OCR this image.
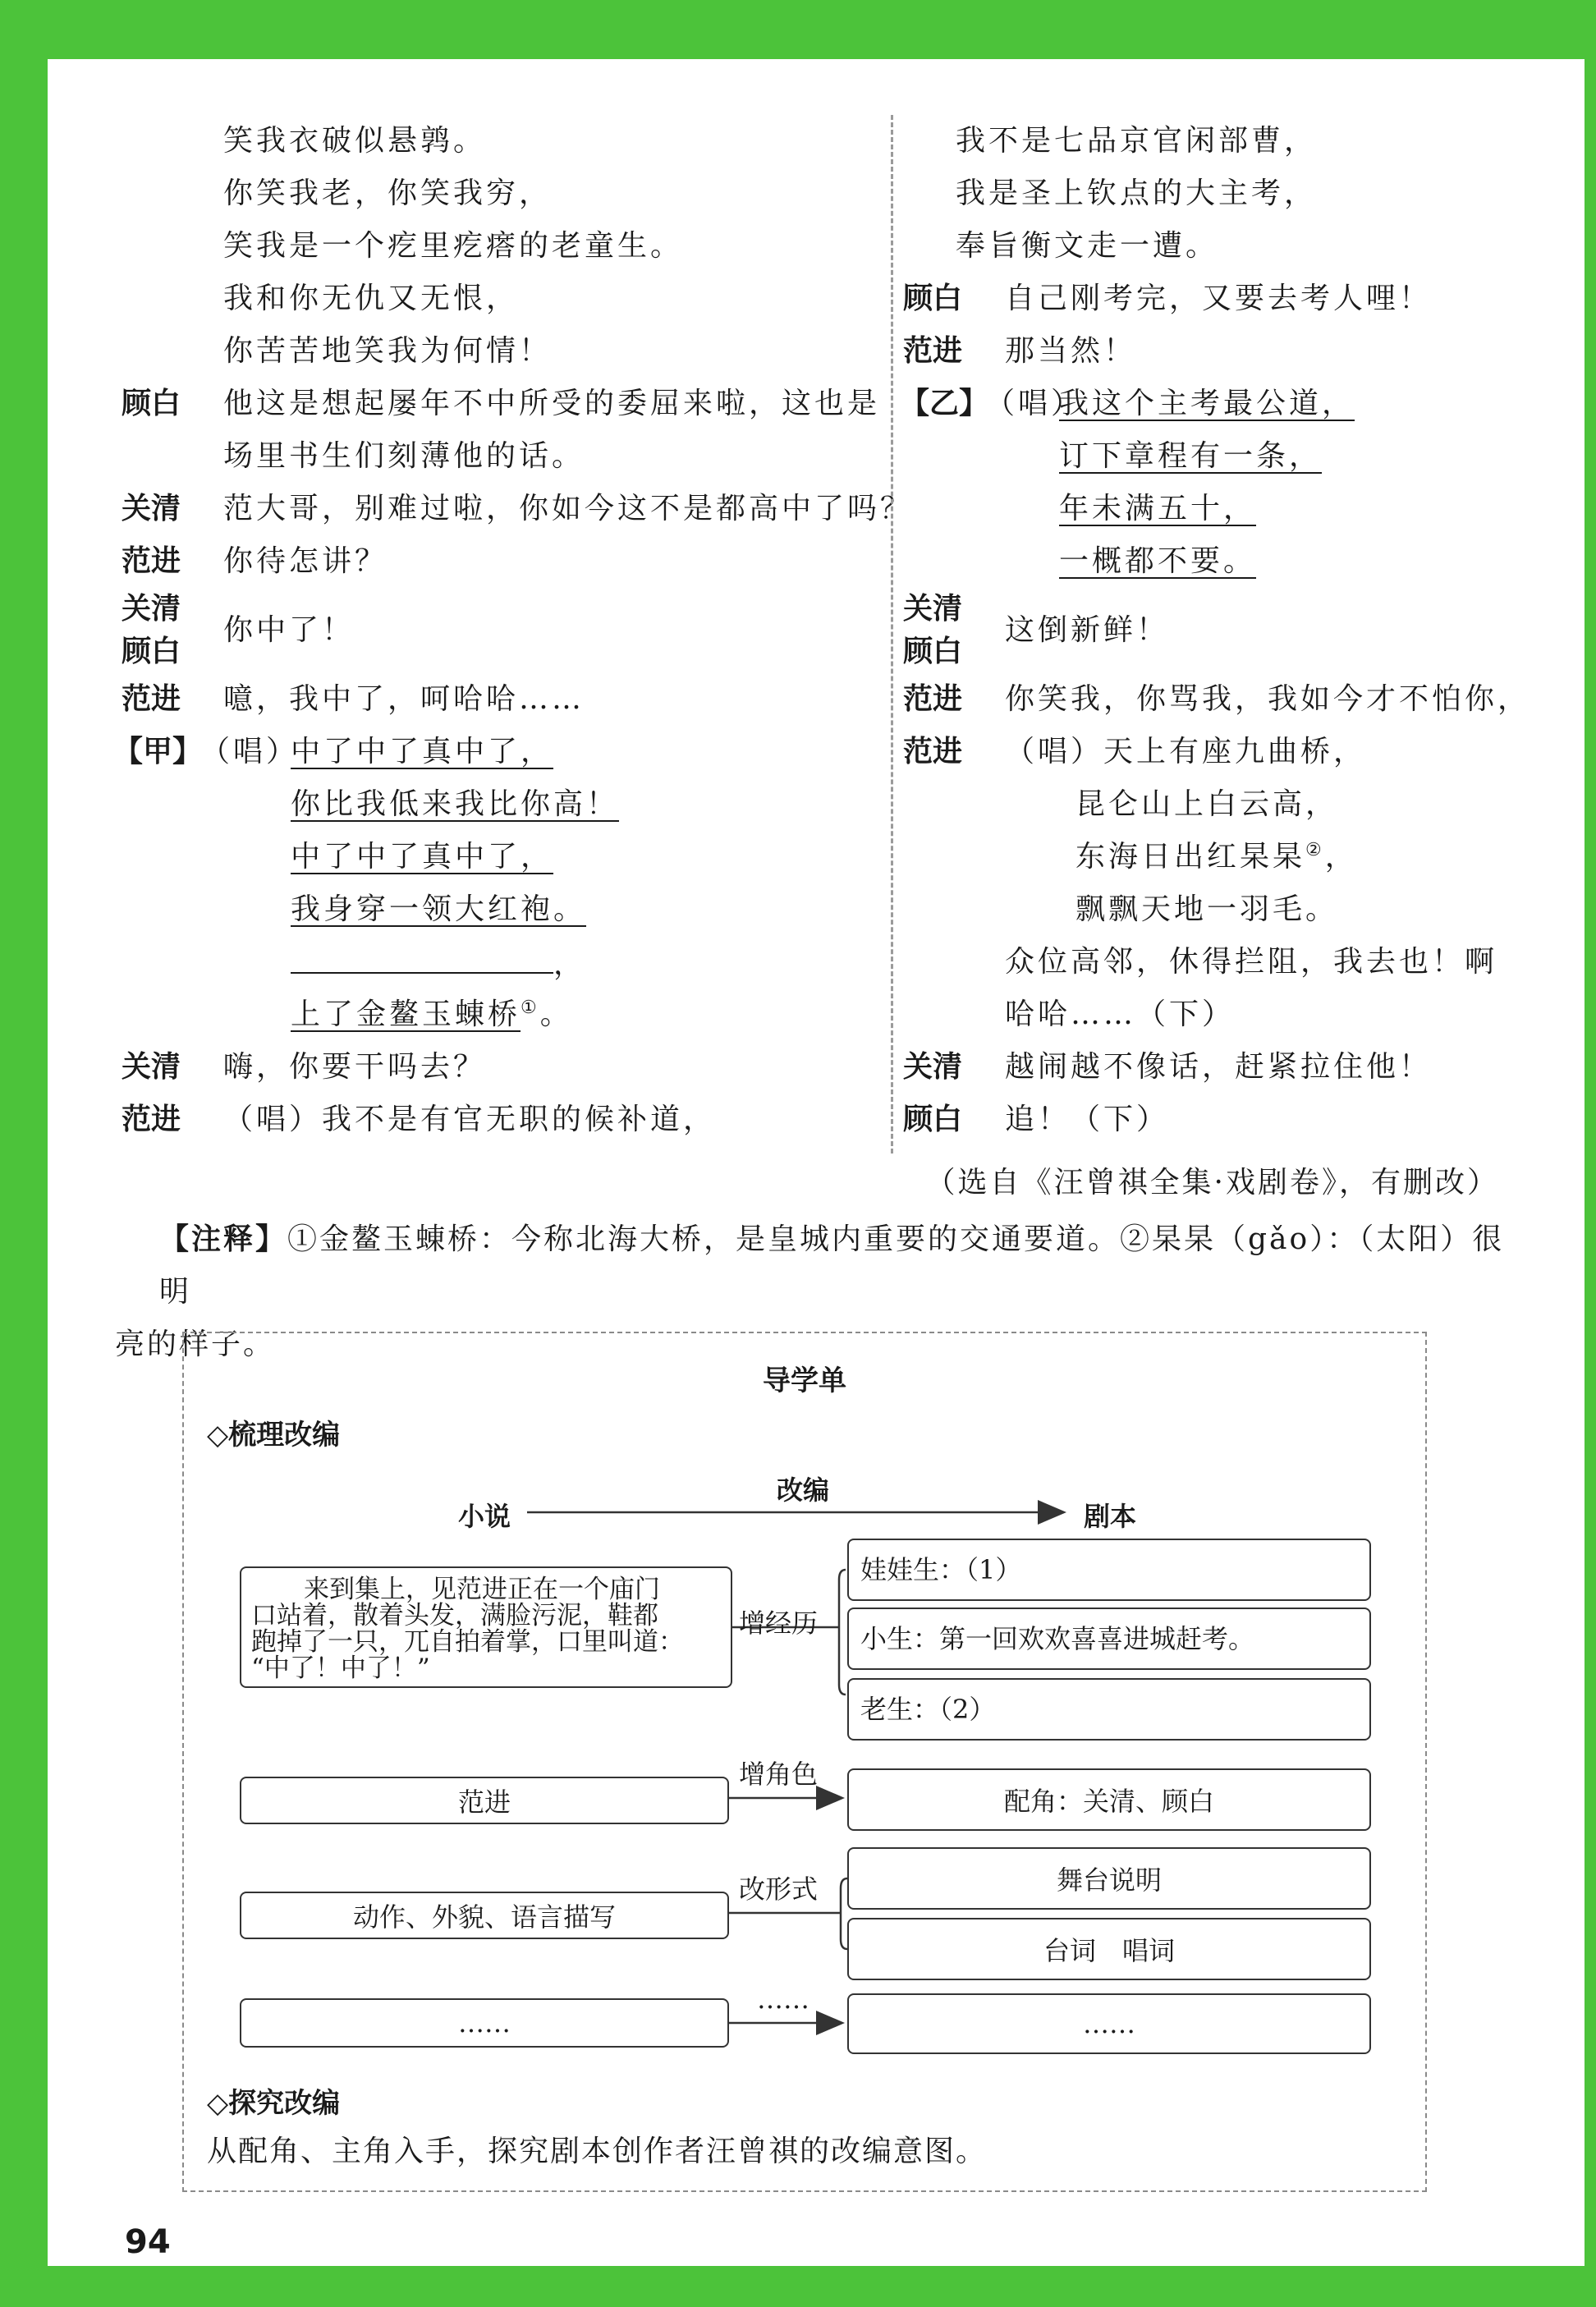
笑我衣破似悬鹑。
你笑我老，你笑我穷，
笑我是一个疙里疙瘩的老童生。
我和你无仇又无恨，
你苦苦地笑我为何情！
顾白 他这是想起屡年不中所受的委屈来啦，这也是
场里书生们刻薄他的话。
关清 范大哥，别难过啦，你如今这不是都高中了吗？
范进 你待怎讲？
关清
顾白
你中了！
范进 噫，我中了，呵哈哈……
【甲】
（唱）
中了中了真中了，
你比我低来我比你高！
中了中了真中了，
我身穿一领大红袍。
，
上了金鳌玉蝀桥①。
关清 嗨，你要干吗去？
范进 （唱）我不是有官无职的候补道，
我不是七品京官闲部曹，
我是圣上钦点的大主考，
奉旨衡文走一遭。
顾白 自己刚考完，又要去考人哩！
范进 那当然！
【乙】
（唱）
我这个主考最公道，
订下章程有一条，
年未满五十，
一概都不要。
关清
顾白
这倒新鲜！
范进 你笑我，你骂我，我如今才不怕你，
范进 （唱）天上有座九曲桥，
昆仑山上白云高，
东海日出红杲杲②，
飘飘天地一羽毛。
众位高邻，休得拦阻，我去也！啊
哈哈……（下）
关清 越闹越不像话，赶紧拉住他！
顾白 追！（下）
（选自《汪曾祺全集·戏剧卷》，有删改）
【注释】①金鳌玉蝀桥：今称北海大桥，是皇城内重要的交通要道。②杲杲（gǎo）：（太阳）很明
亮的样子。
导学单
◇梳理改编
小说
改编
剧本
来到集上，见范进正在一个庙门
口站着，散着头发，满脸污泥，鞋都
跑掉了一只，兀自拍着掌，口里叫道：
“中了！中了！”
增经历
娃娃生：（1）
小生：第一回欢欢喜喜进城赶考。
老生：（2）
范进
增角色
配角：关清、顾白
动作、外貌、语言描写
改形式	舞台说明
台词　唱词
……
……
……
◇探究改编
从配角、主角入手，探究剧本创作者汪曾祺的改编意图。
94
